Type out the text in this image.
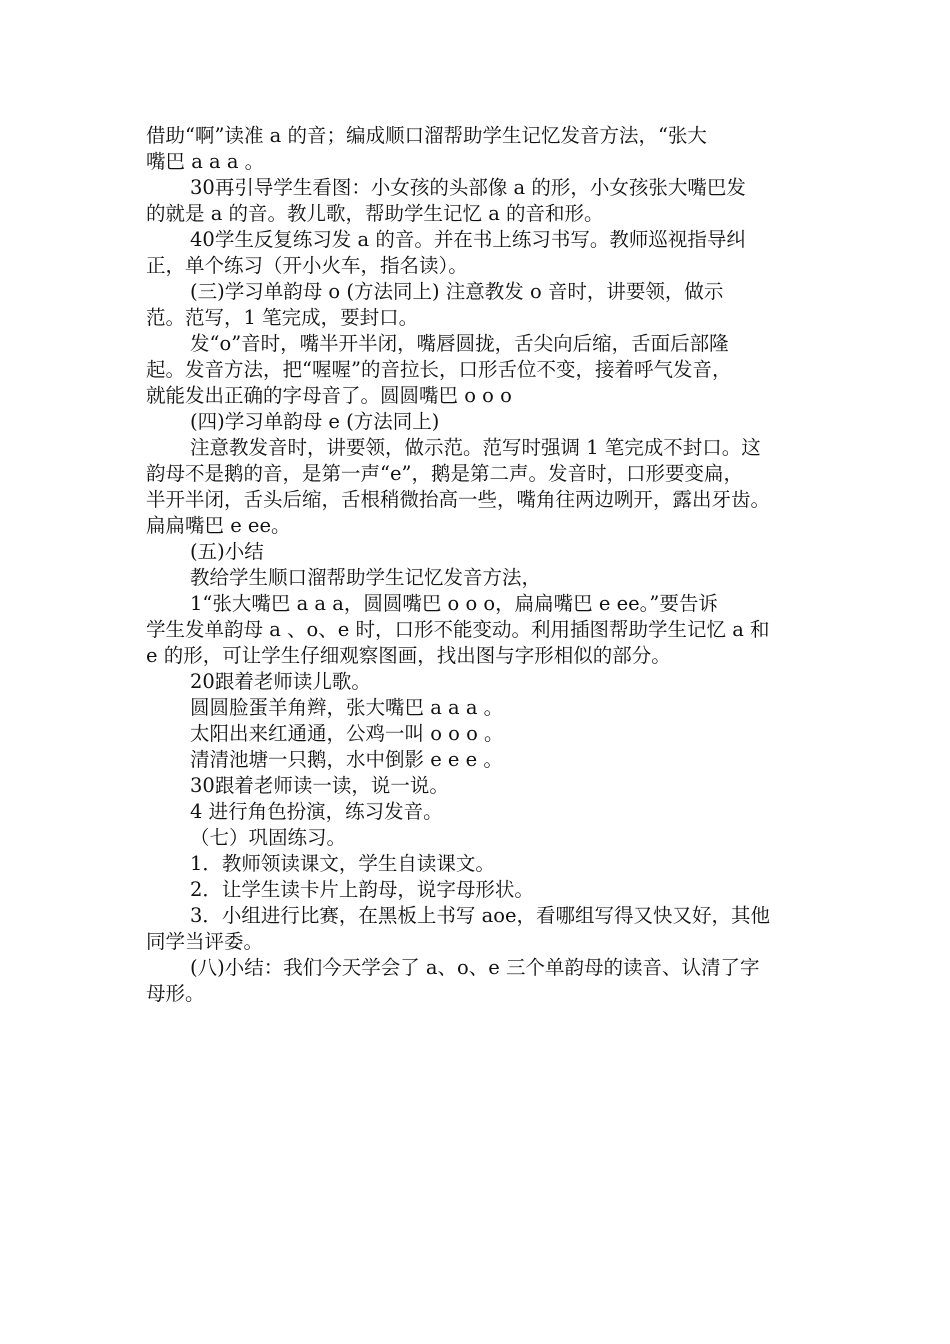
借助“啊”读准 a 的音；编成顺口溜帮助学生记忆发音方法，“张大
嘴巴 a a a 。
30再引导学生看图：小女孩的头部像 a 的形，小女孩张大嘴巴发
的就是 a 的音。教儿歌，帮助学生记忆 a 的音和形。
40学生反复练习发 a 的音。并在书上练习书写。教师巡视指导纠
正，单个练习（开小火车，指名读）。
(三)学习单韵母 o (方法同上) 注意教发 o 音时，讲要领，做示
范。范写，1 笔完成，要封口。
发“o”音时，嘴半开半闭，嘴唇圆拢，舌尖向后缩，舌面后部隆
起。发音方法，把“喔喔”的音拉长，口形舌位不变，接着呼气发音，
就能发出正确的字母音了。圆圆嘴巴 o o o
(四)学习单韵母 e (方法同上)
注意教发音时，讲要领，做示范。范写时强调 1 笔完成不封口。这
韵母不是鹅的音，是第一声“e”，鹅是第二声。发音时，口形要变扁，
半开半闭，舌头后缩，舌根稍微抬高一些，嘴角往两边咧开，露出牙齿。
扁扁嘴巴 e ee。
(五)小结
教给学生顺口溜帮助学生记忆发音方法，
1“张大嘴巴 a a a，圆圆嘴巴 o o o，扁扁嘴巴 e ee。”要告诉
学生发单韵母 a 、o、e 时，口形不能变动。利用插图帮助学生记忆 a 和
e 的形，可让学生仔细观察图画，找出图与字形相似的部分。
20跟着老师读儿歌。
圆圆脸蛋羊角辫，张大嘴巴 a a a 。
太阳出来红通通，公鸡一叫 o o o 。
清清池塘一只鹅，水中倒影 e e e 。
30跟着老师读一读，说一说。
4 进行角色扮演，练习发音。
（七）巩固练习。
1．教师领读课文，学生自读课文。
2．让学生读卡片上韵母，说字母形状。
3．小组进行比赛，在黑板上书写 aoe，看哪组写得又快又好，其他
同学当评委。
(八)小结：我们今天学会了 a、o、e 三个单韵母的读音、认清了字
母形。
